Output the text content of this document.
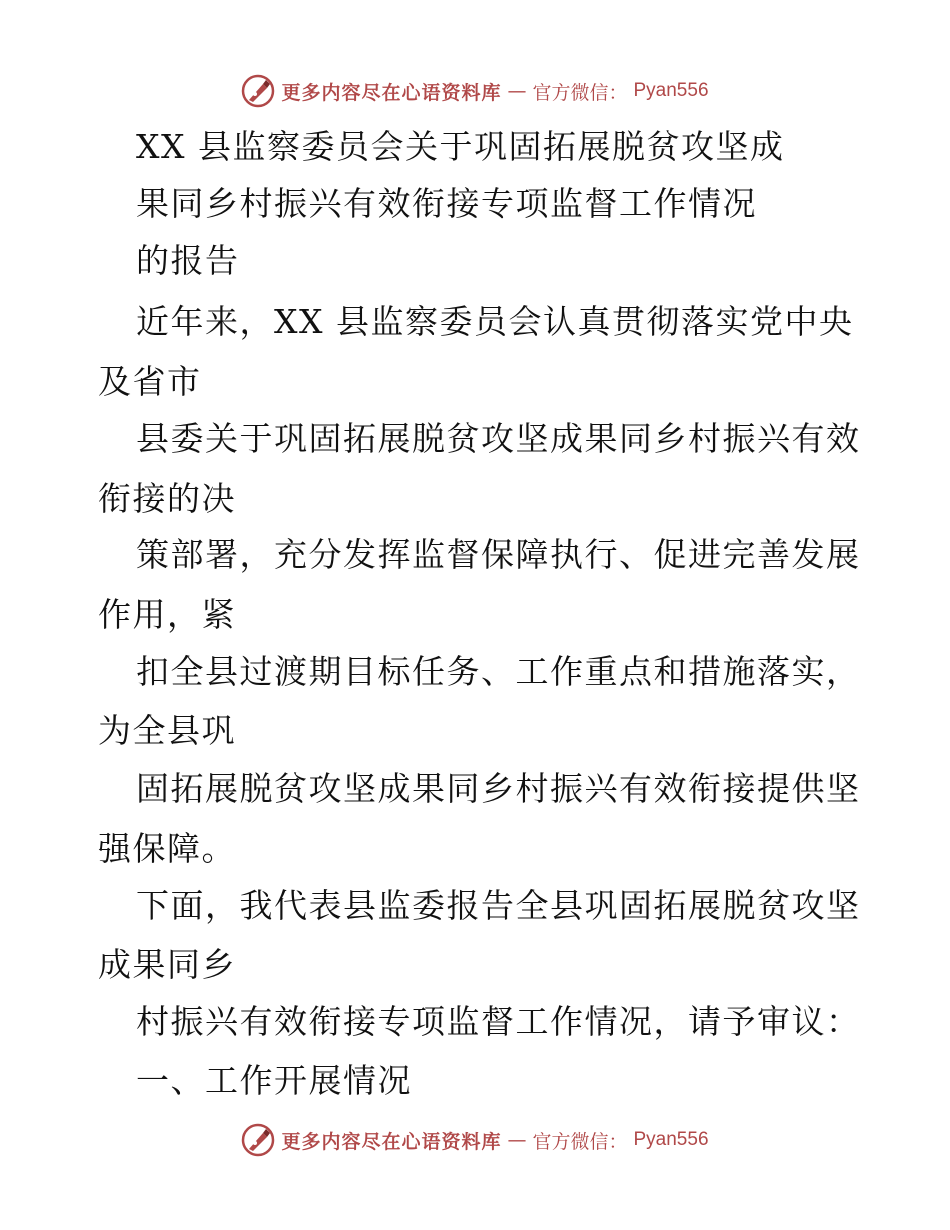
更多内容尽在心语资料库 — 官方微信： Pyan556
XX 县监察委员会关于巩固拓展脱贫攻坚成
果同乡村振兴有效衔接专项监督工作情况
的报告
近年来，XX 县监察委员会认真贯彻落实党中央
及省市
县委关于巩固拓展脱贫攻坚成果同乡村振兴有效
衔接的决
策部署，充分发挥监督保障执行、促进完善发展
作用，紧
扣全县过渡期目标任务、工作重点和措施落实，
为全县巩
固拓展脱贫攻坚成果同乡村振兴有效衔接提供坚
强保障。
下面，我代表县监委报告全县巩固拓展脱贫攻坚
成果同乡
村振兴有效衔接专项监督工作情况，请予审议：
一、工作开展情况
更多内容尽在心语资料库 — 官方微信： Pyan556
